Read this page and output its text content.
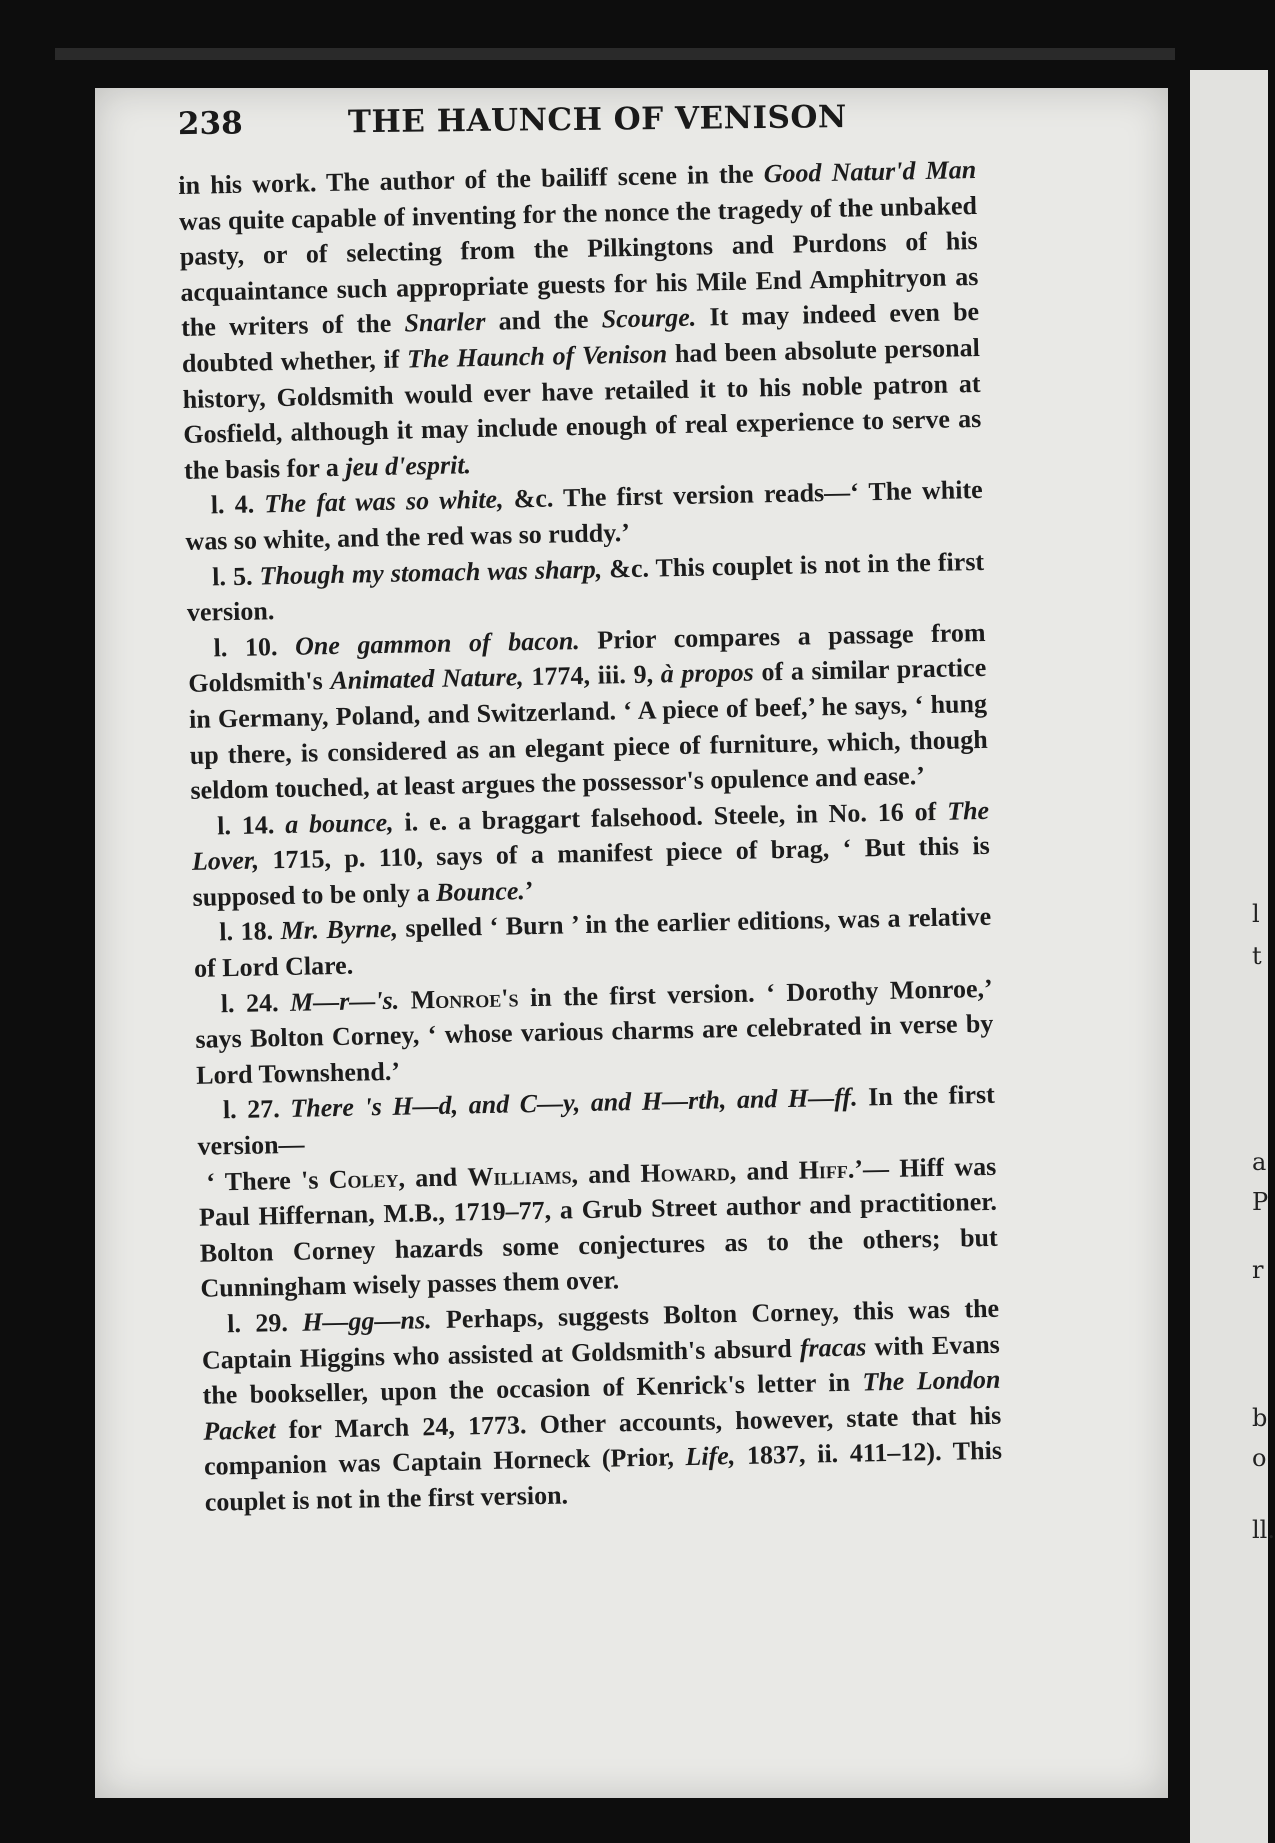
l
t
a
P
r
b
o
ll.
238	THE HAUNCH OF VENISON

in his work. The author of the bailiff scene in the Good Natur'd Man was quite capable of inventing for the nonce the tragedy of the unbaked pasty, or of selecting from the Pilkingtons and Purdons of his acquaintance such appropriate guests for his Mile End Amphitryon as the writers of the Snarler and the Scourge. It may indeed even be doubted whether, if The Haunch of Venison had been absolute personal history, Goldsmith would ever have retailed it to his noble patron at Gosfield, although it may include enough of real experience to serve as the basis for a jeu d'esprit.

l. 4. The fat was so white, &c. The first version reads—‘ The white was so white, and the red was so ruddy.’

l. 5. Though my stomach was sharp, &c. This couplet is not in the first version.

l. 10. One gammon of bacon. Prior compares a passage from Goldsmith's Animated Nature, 1774, iii. 9, à propos of a similar practice in Germany, Poland, and Switzerland. ‘ A piece of beef,’ he says, ‘ hung up there, is considered as an elegant piece of furniture, which, though seldom touched, at least argues the possessor's opulence and ease.’

l. 14. a bounce, i. e. a braggart falsehood. Steele, in No. 16 of The Lover, 1715, p. 110, says of a manifest piece of brag, ‘ But this is supposed to be only a Bounce.’

l. 18. Mr. Byrne, spelled ‘ Burn ’ in the earlier editions, was a relative of Lord Clare.

l. 24. M—r—'s. Monroe's in the first version. ‘ Dorothy Monroe,’ says Bolton Corney, ‘ whose various charms are celebrated in verse by Lord Townshend.’

l. 27. There 's H—d, and C—y, and H—rth, and H—ff. In the first version—

‘ There 's Coley, and Williams, and Howard, and Hiff.’— Hiff was Paul Hiffernan, M.B., 1719–77, a Grub Street author and practitioner. Bolton Corney hazards some conjectures as to the others; but Cunningham wisely passes them over.

l. 29. H—gg—ns. Perhaps, suggests Bolton Corney, this was the Captain Higgins who assisted at Goldsmith's absurd fracas with Evans the bookseller, upon the occasion of Kenrick's letter in The London Packet for March 24, 1773. Other accounts, however, state that his companion was Captain Horneck (Prior, Life, 1837, ii. 411–12). This couplet is not in the first version.
